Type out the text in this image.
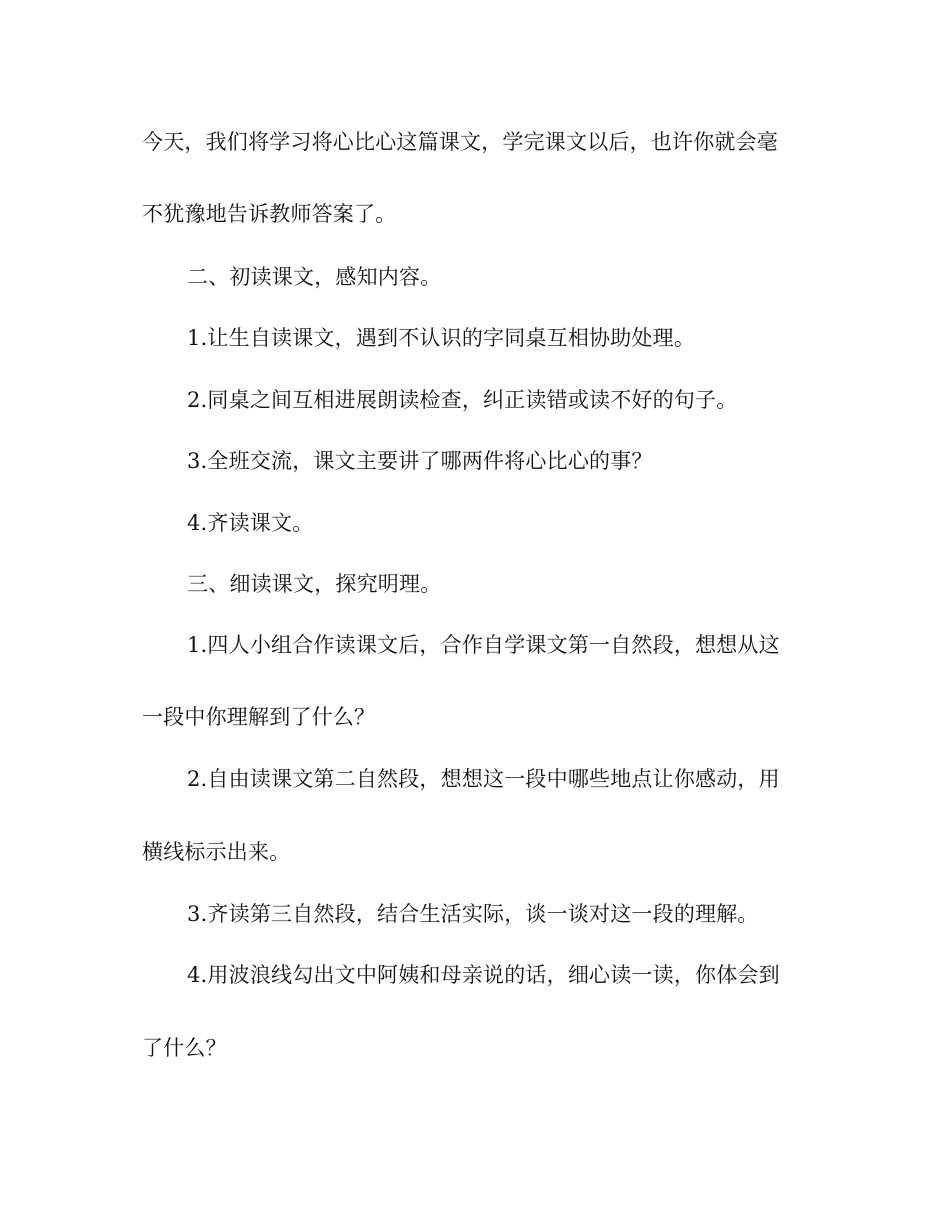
今天，我们将学习将心比心这篇课文，学完课文以后，也许你就会毫
不犹豫地告诉教师答案了。
二、初读课文，感知内容。
1.让生自读课文，遇到不认识的字同桌互相协助处理。
2.同桌之间互相进展朗读检查，纠正读错或读不好的句子。
3.全班交流，课文主要讲了哪两件将心比心的事？
4.齐读课文。
三、细读课文，探究明理。
1.四人小组合作读课文后，合作自学课文第一自然段，想想从这
一段中你理解到了什么？
2.自由读课文第二自然段，想想这一段中哪些地点让你感动，用
横线标示出来。
3.齐读第三自然段，结合生活实际，谈一谈对这一段的理解。
4.用波浪线勾出文中阿姨和母亲说的话，细心读一读，你体会到
了什么？
